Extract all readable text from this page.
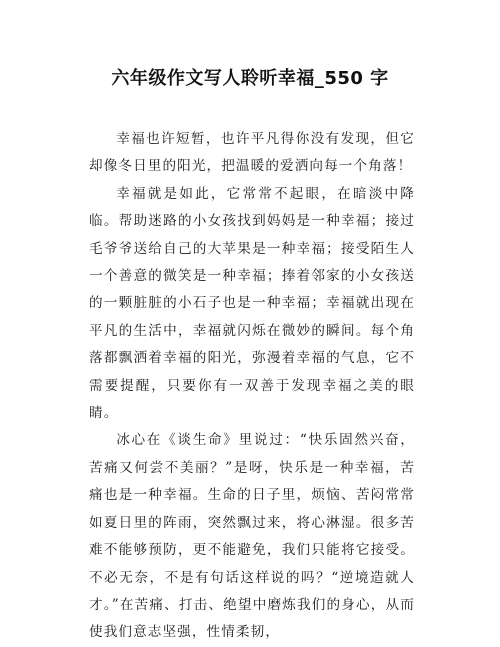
六年级作文写人聆听幸福_550 字

幸福也许短暂，也许平凡得你没有发现，但它却像冬日里的阳光，把温暖的爱洒向每一个角落！

幸福就是如此，它常常不起眼，在暗淡中降临。帮助迷路的小女孩找到妈妈是一种幸福；接过毛爷爷送给自己的大苹果是一种幸福；接受陌生人一个善意的微笑是一种幸福；捧着邻家的小女孩送的一颗脏脏的小石子也是一种幸福；幸福就出现在平凡的生活中，幸福就闪烁在微妙的瞬间。每个角落都飘洒着幸福的阳光，弥漫着幸福的气息，它不需要提醒，只要你有一双善于发现幸福之美的眼睛。

冰心在《谈生命》里说过：“快乐固然兴奋，苦痛又何尝不美丽？”是呀，快乐是一种幸福，苦痛也是一种幸福。生命的日子里，烦恼、苦闷常常如夏日里的阵雨，突然飘过来，将心淋湿。很多苦难不能够预防，更不能避免，我们只能将它接受。不必无奈，不是有句话这样说的吗？“逆境造就人才。”在苦痛、打击、绝望中磨炼我们的身心，从而使我们意志坚强，性情柔韧，
